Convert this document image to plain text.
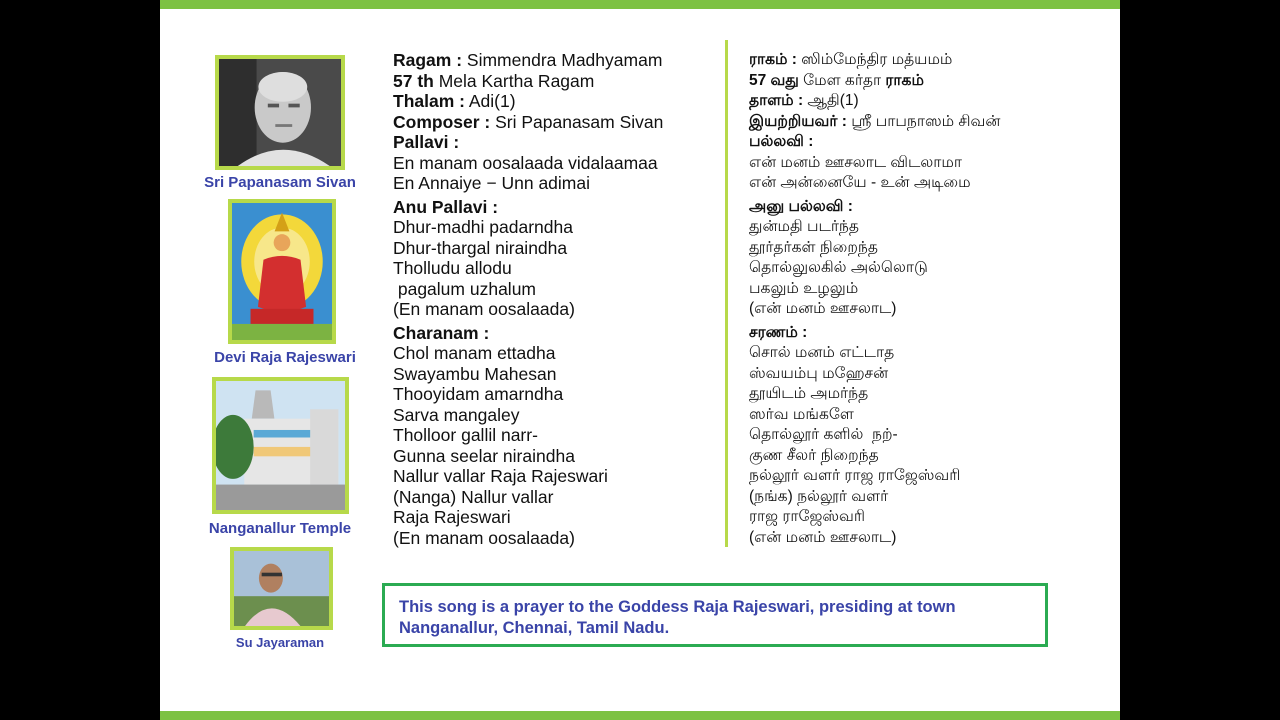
Sri Papanasam Sivan
Devi Raja Rajeswari
Nanganallur Temple
Su Jayaraman
Ragam : Simmendra Madhyamam
57 th Mela Kartha Ragam
Thalam : Adi(1)
Composer : Sri Papanasam Sivan
Pallavi :
En manam oosalaada vidalaamaa
En Annaiye − Unn adimai
Anu Pallavi :
Dhur-madhi padarndha
Dhur-thargal niraindha
Tholludu allodu
pagalum uzhalum
(En manam oosalaada)
Charanam :
Chol manam ettadha
Swayambu Mahesan
Thooyidam amarndha
Sarva mangaley
Tholloor gallil narr-
Gunna seelar niraindha
Nallur vallar Raja Rajeswari
(Nanga) Nallur vallar
Raja Rajeswari
(En manam oosalaada)
ராகம் : ஸிம்மேந்திர மத்யமம்
57 வது மேள கர்தா ராகம்
தாளம் : ஆதி(1)
இயற்றியவர் : ஸ்ரீ பாபநாஸம் சிவன்
பல்லவி :
என் மனம் ஊசலாட விடலாமா
என் அன்னையே - உன் அடிமை
அனு பல்லவி :
துன்மதி படர்ந்த
தூர்தர்கள் நிறைந்த
தொல்லுலகில் அல்லொடு
பகலும் உழலும்
(என் மனம் ஊசலாட)
சரணம் :
சொல் மனம் எட்டாத
ஸ்வயம்பு மஹேசன்
தூயிடம் அமர்ந்த
ஸர்வ மங்களே
தொல்லூர் களில்  நற்-
குண சீலர் நிறைந்த
நல்லூர் வளர் ராஜ ராஜேஸ்வரி
(நங்க) நல்லூர் வளர்
ராஜ ராஜேஸ்வரி
(என் மனம் ஊசலாட)
This song is a prayer to the Goddess Raja Rajeswari, presiding at town Nanganallur, Chennai, Tamil Nadu.
